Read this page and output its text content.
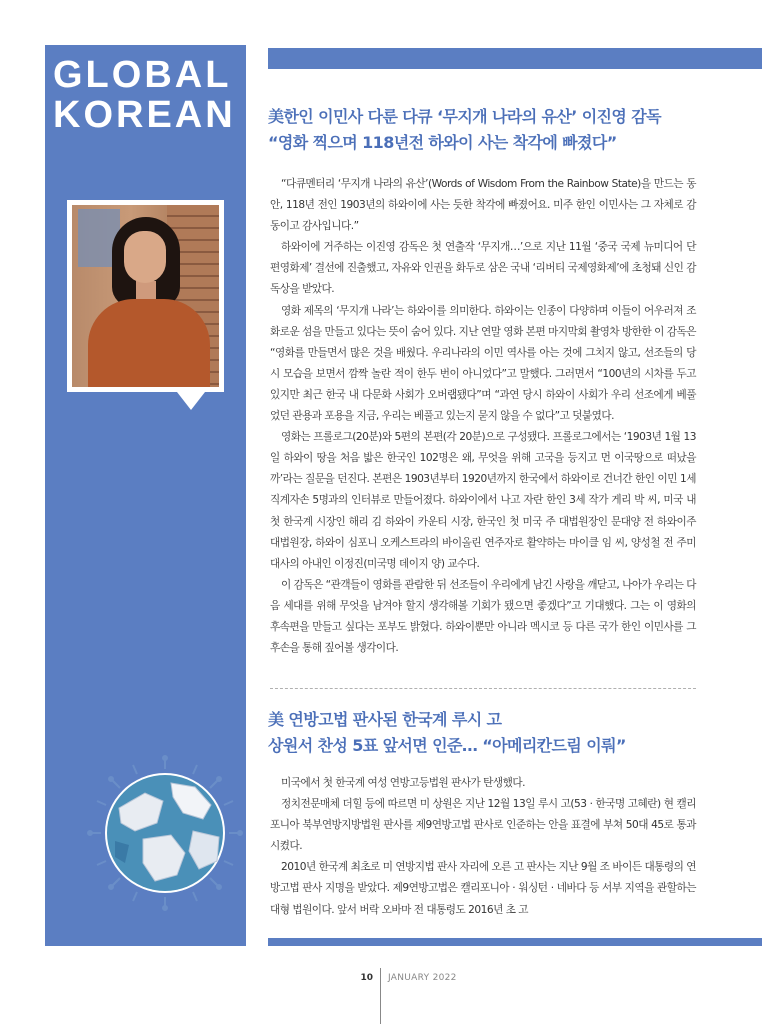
GLOBAL
KOREAN 美한인 이민사 다룬 다큐 ‘무지개 나라의 유산’ 이진영 감독
“영화 찍으며 118년전 하와이 사는 착각에 빠졌다”

“다큐멘터리 ‘무지개 나라의 유산’(Words of Wisdom From the Rainbow State)을 만드는 동안, 118년 전인 1903년의 하와이에 사는 듯한 착각에 빠졌어요. 미주 한인 이민사는 그 자체로 감동이고 감사입니다.”

하와이에 거주하는 이진영 감독은 첫 연출작 ‘무지개…’으로 지난 11월 ‘중국 국제 뉴미디어 단편영화제’ 결선에 진출했고, 자유와 인권을 화두로 삼은 국내 ‘리버티 국제영화제’에 초청돼 신인 감독상을 받았다.

영화 제목의 ‘무지개 나라’는 하와이를 의미한다. 하와이는 인종이 다양하며 이들이 어우러져 조화로운 섬을 만들고 있다는 뜻이 숨어 있다. 지난 연말 영화 본편 마지막회 촬영차 방한한 이 감독은 “영화를 만들면서 많은 것을 배웠다. 우리나라의 이민 역사를 아는 것에 그치지 않고, 선조들의 당시 모습을 보면서 깜짝 놀란 적이 한두 번이 아니었다”고 말했다. 그러면서 “100년의 시차를 두고 있지만 최근 한국 내 다문화 사회가 오버랩됐다”며 “과연 당시 하와이 사회가 우리 선조에게 베풀었던 관용과 포용을 지금, 우리는 베풀고 있는지 묻지 않을 수 없다”고 덧붙였다.

영화는 프롤로그(20분)와 5편의 본편(각 20분)으로 구성됐다. 프롤로그에서는 ‘1903년 1월 13일 하와이 땅을 처음 밟은 한국인 102명은 왜, 무엇을 위해 고국을 등지고 먼 이국땅으로 떠났을까’라는 질문을 던진다. 본편은 1903년부터 1920년까지 한국에서 하와이로 건너간 한인 이민 1세 직계자손 5명과의 인터뷰로 만들어졌다. 하와이에서 나고 자란 한인 3세 작가 게리 박 씨, 미국 내 첫 한국계 시장인 해리 김 하와이 카운티 시장, 한국인 첫 미국 주 대법원장인 문대양 전 하와이주 대법원장, 하와이 심포니 오케스트라의 바이올린 연주자로 활약하는 마이클 임 씨, 양성철 전 주미대사의 아내인 이정진(미국명 데이지 양) 교수다.

이 감독은 “관객들이 영화를 관람한 뒤 선조들이 우리에게 남긴 사랑을 깨닫고, 나아가 우리는 다음 세대를 위해 무엇을 남겨야 할지 생각해볼 기회가 됐으면 좋겠다”고 기대했다. 그는 이 영화의 후속편을 만들고 싶다는 포부도 밝혔다. 하와이뿐만 아니라 멕시코 등 다른 국가 한인 이민사를 그 후손을 통해 짚어볼 생각이다.

美 연방고법 판사된 한국계 루시 고
상원서 찬성 5표 앞서면 인준… “아메리칸드림 이뤄”

미국에서 첫 한국계 여성 연방고등법원 판사가 탄생했다.

정치전문매체 더힐 등에 따르면 미 상원은 지난 12월 13일 루시 고(53 · 한국명 고혜란) 현 캘리포니아 북부연방지방법원 판사를 제9연방고법 판사로 인준하는 안을 표결에 부쳐 50대 45로 통과시켰다.

2010년 한국계 최초로 미 연방지법 판사 자리에 오른 고 판사는 지난 9월 조 바이든 대통령의 연방고법 판사 지명을 받았다. 제9연방고법은 캘리포니아 · 워싱턴 · 네바다 등 서부 지역을 관할하는 대형 법원이다. 앞서 버락 오바마 전 대통령도 2016년 초 고

10 JANUARY 2022
